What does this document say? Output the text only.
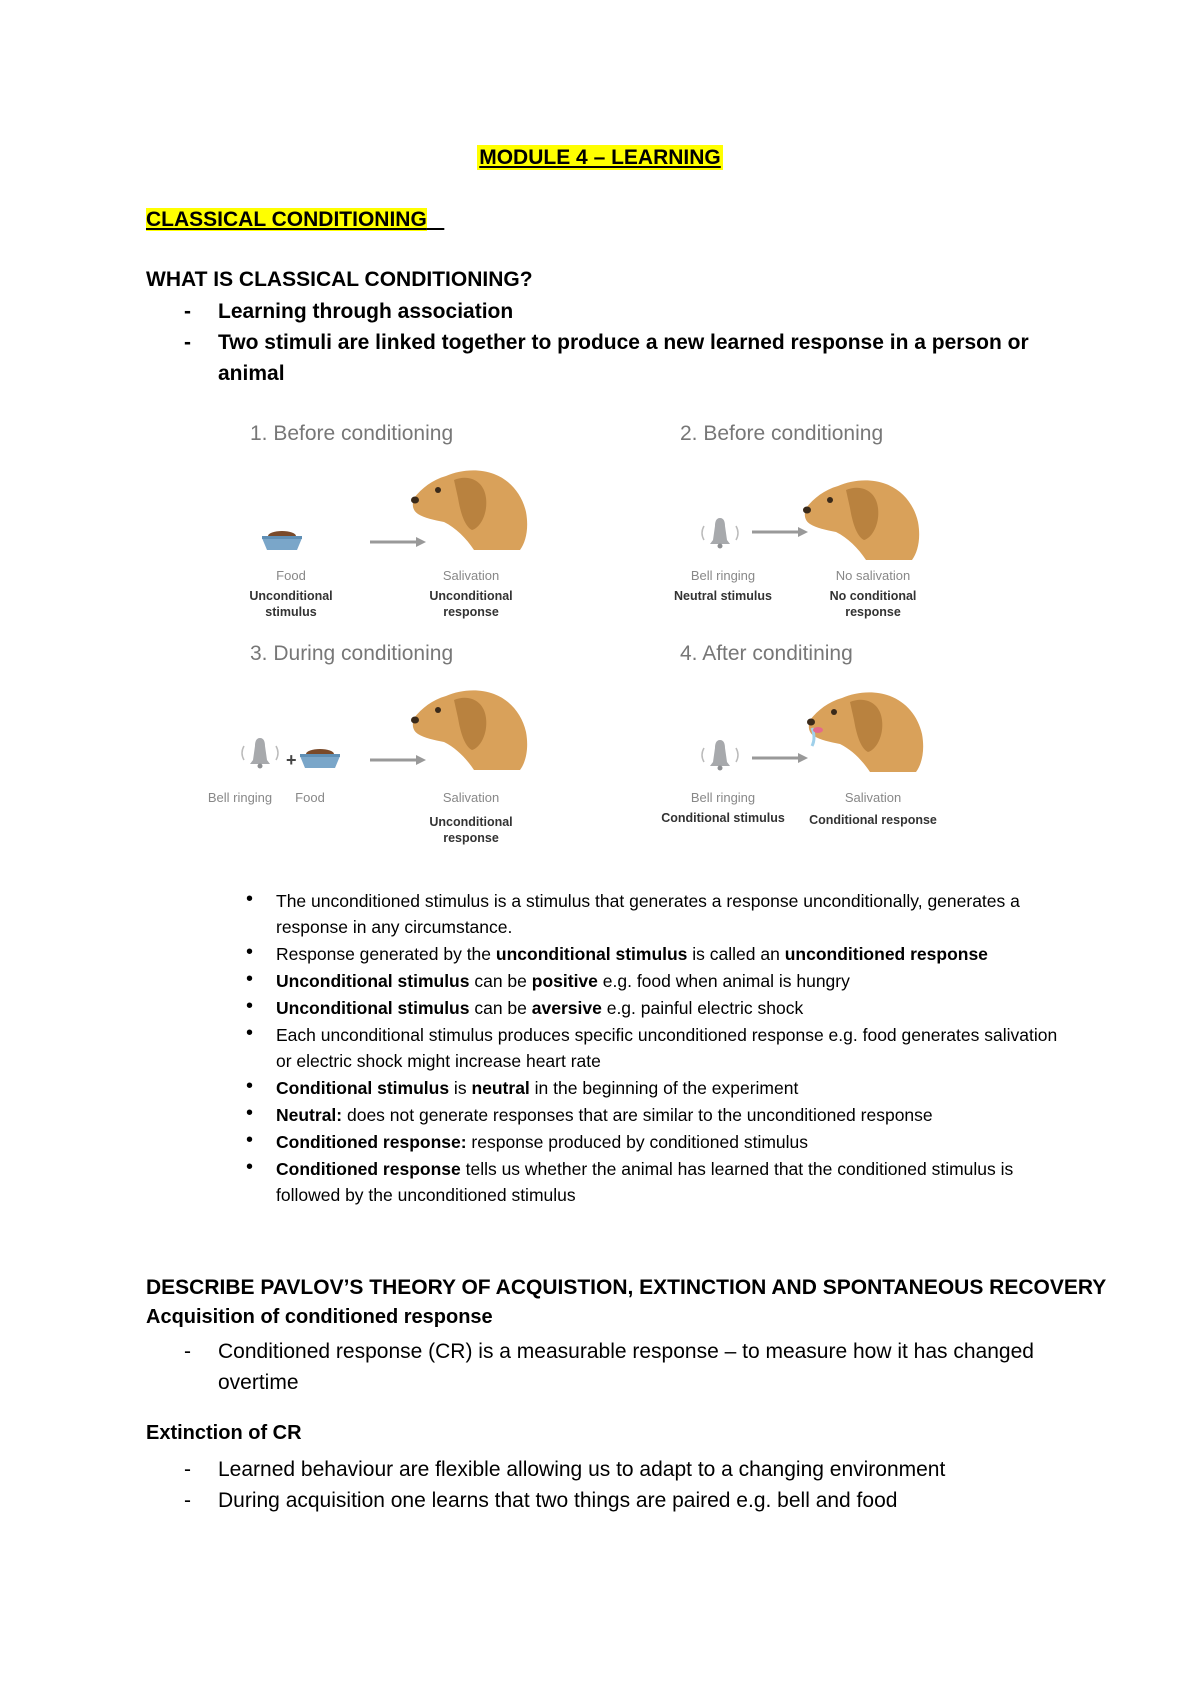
MODULE 4 – LEARNING
CLASSICAL CONDITIONING
WHAT IS CLASSICAL CONDITIONING?
- Learning through association
- Two stimuli are linked together to produce a new learned response in a person or animal
1. Before conditioning	2. Before conditioning
3. During conditioning	4. After conditining
+
Food
Unconditional stimulus
Salivation
Unconditional response
Bell ringing
Neutral stimulus
No salivation
No conditional response
Bell ringing	Food	Salivation
Unconditional response
Bell ringing
Conditional stimulus
Salivation
Conditional response
• The unconditioned stimulus is a stimulus that generates a response unconditionally, generates a response in any circumstance.
• Response generated by the unconditional stimulus is called an unconditioned response
• Unconditional stimulus can be positive e.g. food when animal is hungry
• Unconditional stimulus can be aversive e.g. painful electric shock
• Each unconditional stimulus produces specific unconditioned response e.g. food generates salivation or electric shock might increase heart rate
• Conditional stimulus is neutral in the beginning of the experiment
• Neutral: does not generate responses that are similar to the unconditioned response
• Conditioned response: response produced by conditioned stimulus
• Conditioned response tells us whether the animal has learned that the conditioned stimulus is followed by the unconditioned stimulus
DESCRIBE PAVLOV’S THEORY OF ACQUISTION, EXTINCTION AND SPONTANEOUS RECOVERY
Acquisition of conditioned response
- Conditioned response (CR) is a measurable response – to measure how it has changed overtime
Extinction of CR
- Learned behaviour are flexible allowing us to adapt to a changing environment
- During acquisition one learns that two things are paired e.g. bell and food
